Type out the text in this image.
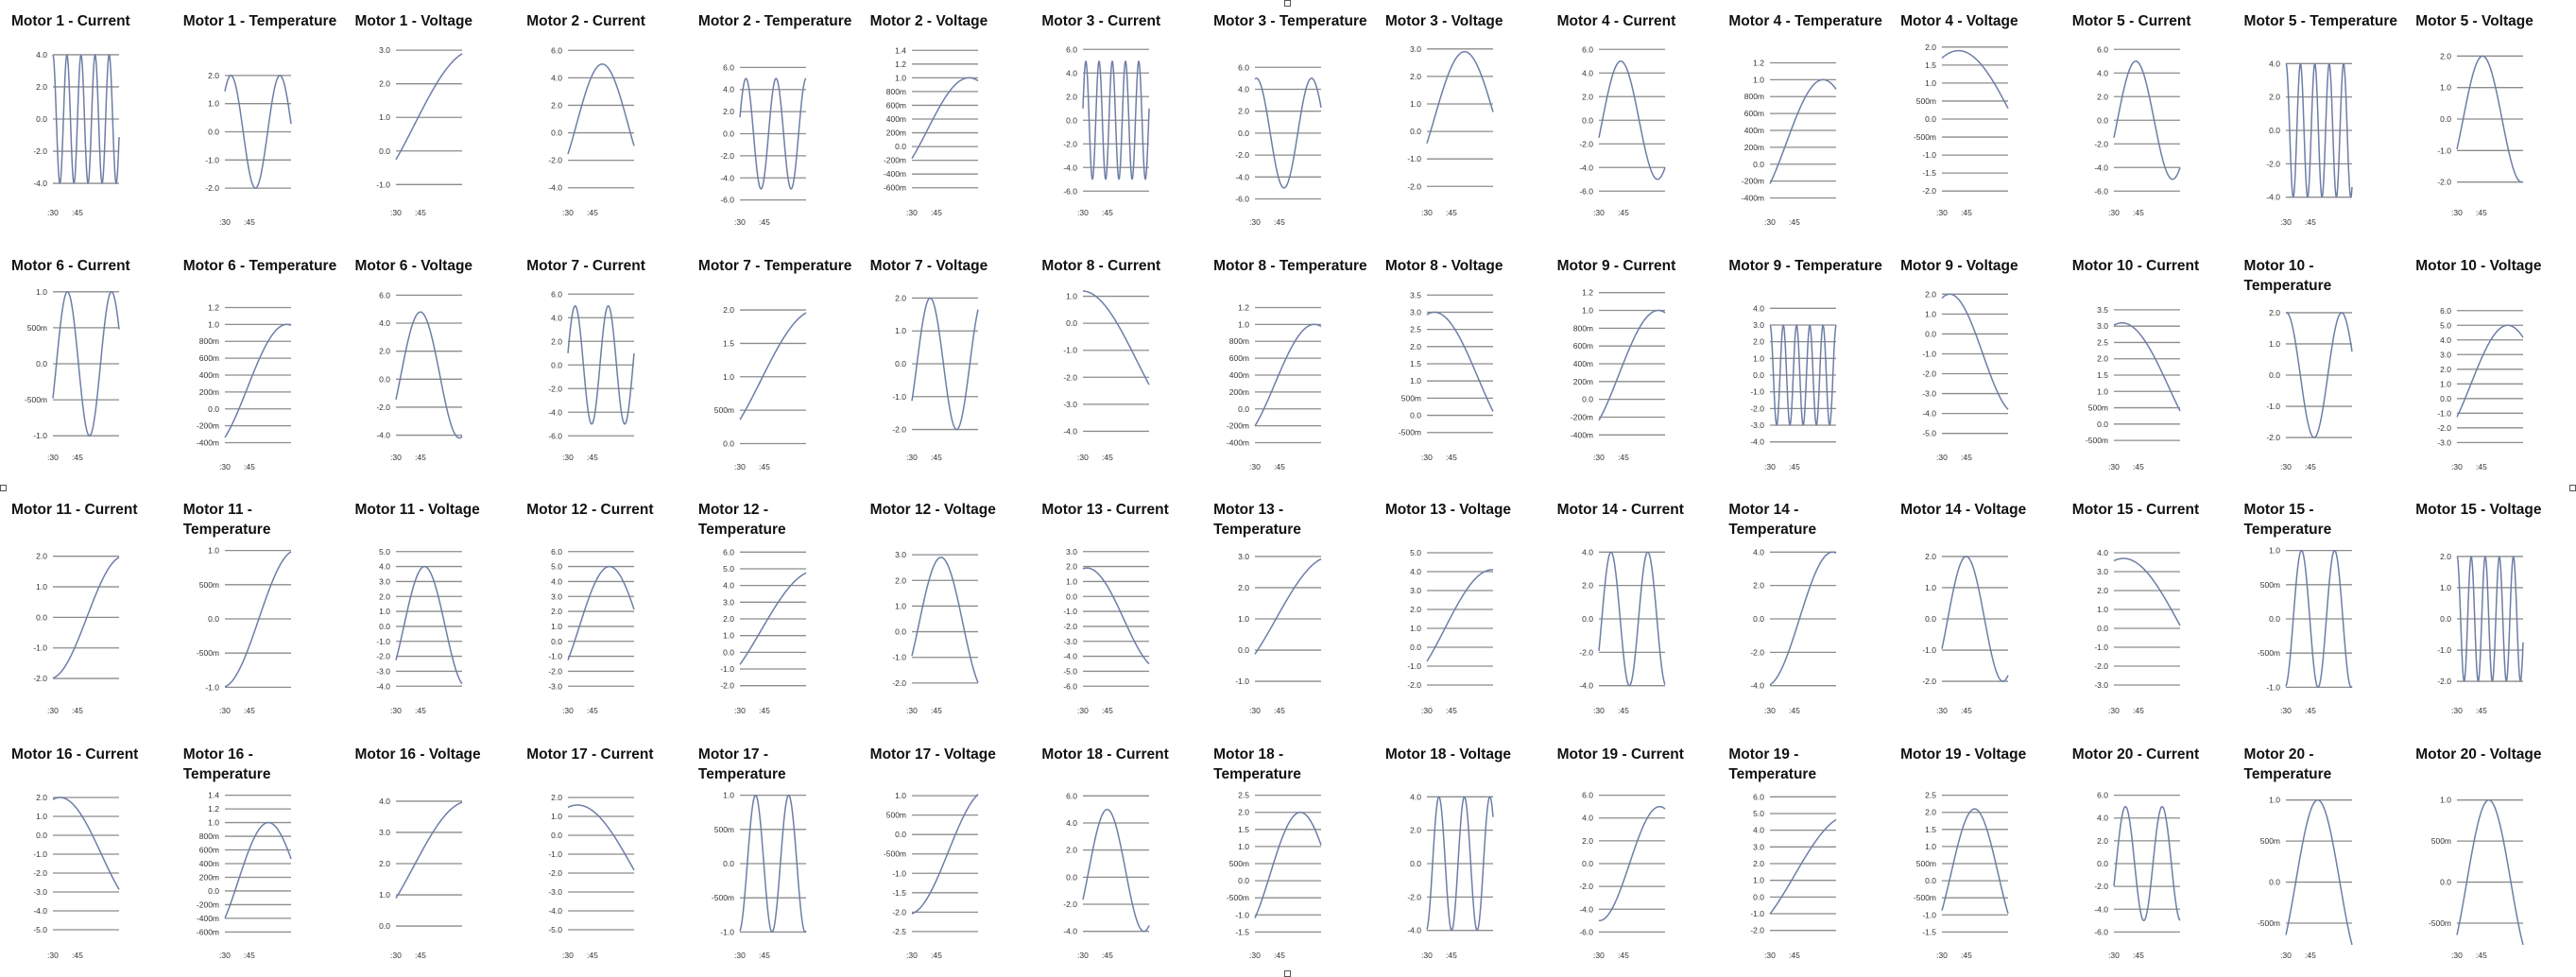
Motor 1 - Current
4.0
2.0
0.0
-2.0
-4.0
:30 :45
Motor 1 - Temperature
2.0
1.0
0.0
-1.0
-2.0
:30 :45
Motor 1 - Voltage
3.0
2.0
1.0
0.0
-1.0
:30 :45
Motor 2 - Current
6.0
4.0
2.0
0.0
-2.0
-4.0
:30 :45
Motor 2 - Temperature
6.0
4.0
2.0
0.0
-2.0
-4.0
-6.0
:30 :45
Motor 2 - Voltage
1.4
1.2
1.0
800m
600m
400m
200m
0.0
-200m
-400m
-600m
:30 :45
Motor 3 - Current
6.0
4.0
2.0
0.0
-2.0
-4.0
-6.0
:30 :45
Motor 3 - Temperature
6.0
4.0
2.0
0.0
-2.0
-4.0
-6.0
:30 :45
Motor 3 - Voltage
3.0
2.0
1.0
0.0
-1.0
-2.0
:30 :45
Motor 4 - Current
6.0
4.0
2.0
0.0
-2.0
-4.0
-6.0
:30 :45
Motor 4 - Temperature
1.2
1.0
800m
600m
400m
200m
0.0
-200m
-400m
:30 :45
Motor 4 - Voltage
2.0
1.5
1.0
500m
0.0
-500m
-1.0
-1.5
-2.0
:30 :45
Motor 5 - Current
6.0
4.0
2.0
0.0
-2.0
-4.0
-6.0
:30 :45
Motor 5 - Temperature
4.0
2.0
0.0
-2.0
-4.0
:30 :45
Motor 5 - Voltage
2.0
1.0
0.0
-1.0
-2.0
:30 :45
Motor 6 - Current
1.0
500m
0.0
-500m
-1.0
:30 :45
Motor 6 - Temperature
1.2
1.0
800m
600m
400m
200m
0.0
-200m
-400m
:30 :45
Motor 6 - Voltage
6.0
4.0
2.0
0.0
-2.0
-4.0
:30 :45
Motor 7 - Current
6.0
4.0
2.0
0.0
-2.0
-4.0
-6.0
:30 :45
Motor 7 - Temperature
2.0
1.5
1.0
500m
0.0
:30 :45
Motor 7 - Voltage
2.0
1.0
0.0
-1.0
-2.0
:30 :45
Motor 8 - Current
1.0
0.0
-1.0
-2.0
-3.0
-4.0
:30 :45
Motor 8 - Temperature
1.2
1.0
800m
600m
400m
200m
0.0
-200m
-400m
:30 :45
Motor 8 - Voltage
3.5
3.0
2.5
2.0
1.5
1.0
500m
0.0
-500m
:30 :45
Motor 9 - Current
1.2
1.0
800m
600m
400m
200m
0.0
-200m
-400m
:30 :45
Motor 9 - Temperature
4.0
3.0
2.0
1.0
0.0
-1.0
-2.0
-3.0
-4.0
:30 :45
Motor 9 - Voltage
2.0
1.0
0.0
-1.0
-2.0
-3.0
-4.0
-5.0
:30 :45
Motor 10 - Current
3.5
3.0
2.5
2.0
1.5
1.0
500m
0.0
-500m
:30 :45
Motor 10 - Temperature
2.0
1.0
0.0
-1.0
-2.0
:30 :45
Motor 10 - Voltage
6.0
5.0
4.0
3.0
2.0
1.0
0.0
-1.0
-2.0
-3.0
:30 :45
Motor 11 - Current
2.0
1.0
0.0
-1.0
-2.0
:30 :45
Motor 11 - Temperature
1.0
500m
0.0
-500m
-1.0
:30 :45
Motor 11 - Voltage
5.0
4.0
3.0
2.0
1.0
0.0
-1.0
-2.0
-3.0
-4.0
:30 :45
Motor 12 - Current
6.0
5.0
4.0
3.0
2.0
1.0
0.0
-1.0
-2.0
-3.0
:30 :45
Motor 12 - Temperature
6.0
5.0
4.0
3.0
2.0
1.0
0.0
-1.0
-2.0
:30 :45
Motor 12 - Voltage
3.0
2.0
1.0
0.0
-1.0
-2.0
:30 :45
Motor 13 - Current
3.0
2.0
1.0
0.0
-1.0
-2.0
-3.0
-4.0
-5.0
-6.0
:30 :45
Motor 13 - Temperature
3.0
2.0
1.0
0.0
-1.0
:30 :45
Motor 13 - Voltage
5.0
4.0
3.0
2.0
1.0
0.0
-1.0
-2.0
:30 :45
Motor 14 - Current
4.0
2.0
0.0
-2.0
-4.0
:30 :45
Motor 14 - Temperature
4.0
2.0
0.0
-2.0
-4.0
:30 :45
Motor 14 - Voltage
2.0
1.0
0.0
-1.0
-2.0
:30 :45
Motor 15 - Current
4.0
3.0
2.0
1.0
0.0
-1.0
-2.0
-3.0
:30 :45
Motor 15 - Temperature
1.0
500m
0.0
-500m
-1.0
:30 :45
Motor 15 - Voltage
2.0
1.0
0.0
-1.0
-2.0
:30 :45
Motor 16 - Current
2.0
1.0
0.0
-1.0
-2.0
-3.0
-4.0
-5.0
:30 :45
Motor 16 - Temperature
1.4
1.2
1.0
800m
600m
400m
200m
0.0
-200m
-400m
-600m
:30 :45
Motor 16 - Voltage
4.0
3.0
2.0
1.0
0.0
:30 :45
Motor 17 - Current
2.0
1.0
0.0
-1.0
-2.0
-3.0
-4.0
-5.0
:30 :45
Motor 17 - Temperature
1.0
500m
0.0
-500m
-1.0
:30 :45
Motor 17 - Voltage
1.0
500m
0.0
-500m
-1.0
-1.5
-2.0
-2.5
:30 :45
Motor 18 - Current
6.0
4.0
2.0
0.0
-2.0
-4.0
:30 :45
Motor 18 - Temperature
2.5
2.0
1.5
1.0
500m
0.0
-500m
-1.0
-1.5
:30 :45
Motor 18 - Voltage
4.0
2.0
0.0
-2.0
-4.0
:30 :45
Motor 19 - Current
6.0
4.0
2.0
0.0
-2.0
-4.0
-6.0
:30 :45
Motor 19 - Temperature
6.0
5.0
4.0
3.0
2.0
1.0
0.0
-1.0
-2.0
:30 :45
Motor 19 - Voltage
2.5
2.0
1.5
1.0
500m
0.0
-500m
-1.0
-1.5
:30 :45
Motor 20 - Current
6.0
4.0
2.0
0.0
-2.0
-4.0
-6.0
:30 :45
Motor 20 - Temperature
1.0
500m
0.0
-500m
:30 :45
Motor 20 - Voltage
1.0
500m
0.0
-500m
:30 :45
